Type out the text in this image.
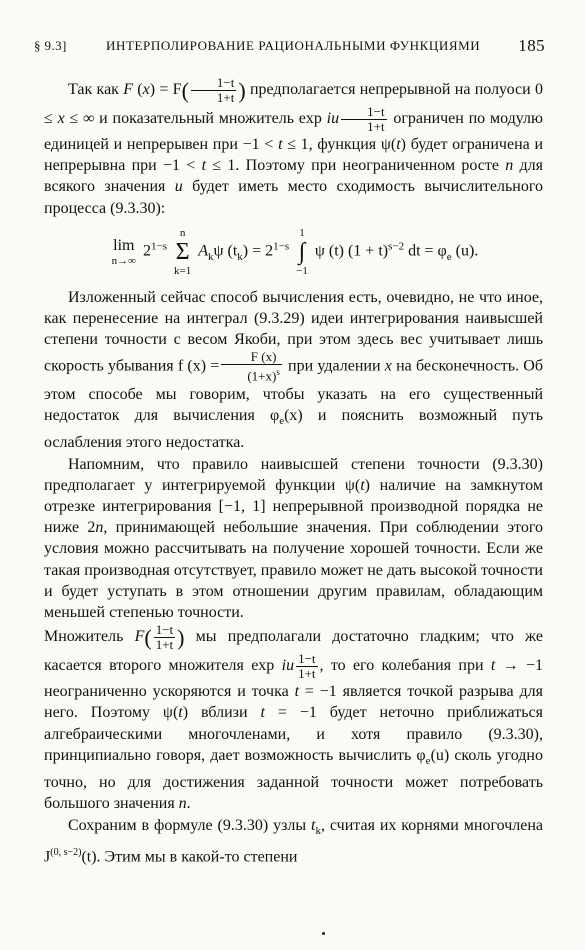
§ 9.3]	ИНТЕРПОЛИРОВАНИЕ РАЦИОНАЛЬНЫМИ ФУНКЦИЯМИ 185

Так как F $(x) = F( \frac{1-t}{1+t}$ ) предполагается непрерывной на полуоси 0 ≤ x ≤ ∞ и показательный множитель exp iu $\frac{1-t}{1+t}$ ограничен по модулю единицей и непрерывен при −1 < t ≤ 1, функция ψ(t) будет ограничена и непрерывна при −1 < t ≤ 1. Поэтому при неограниченном росте n для всякого значения u будет иметь место сходимость вычислительного процесса (9.3.30):

lim
n→∞
$2^{1-s}$
n
Σ
k=1
$A_k\psi$ $(t_k) = 2^{1-s}$
1
∫
−1
ψ (t) $(1 + t)^{s-2}$ dt = $\varphi_e$ (u).

Изложенный сейчас способ вычисления есть, очевидно, не что иное, как перенесение на интеграл (9.3.29) идеи интегрирования наивысшей степени точности с весом Якоби, при этом здесь вес учитывает лишь скорость убывания f $(x) = \frac{F (x)}{(1+x)^s}$ при удалении x на бесконечность. Об этом способе мы говорим, чтобы указать на его существенный недостаток для вычисления $\varphi_e(x)$ и пояснить возможный путь ослабления этого недостатка.

Напомним, что правило наивысшей степени точности (9.3.30) предполагает у интегрируемой функции ψ(t) наличие на замкнутом отрезке интегрирования [−1, 1] непрерывной производной порядка не ниже 2n, принимающей небольшие значения. При соблюдении этого условия можно рассчитывать на получение хорошей точности. Если же такая производная отсутствует, правило может не дать высокой точности и будет уступать в этом отношении другим правилам, обладающим меньшей степенью точности.

Множитель $F( \frac{1-t}{1+t}$ ) мы предполагали достаточно гладким; что же касается второго множителя exp iu $\frac{1-t}{1+t}$ , то его колебания при t → −1 неограниченно ускоряются и точка t = −1 является точкой разрыва для него. Поэтому ψ(t) вблизи t = −1 будет неточно приближаться алгебраическими многочленами, и хотя правило (9.3.30), принципиально говоря, дает возможность вычислить $\varphi_e(u)$ сколь угодно точно, но для достижения заданной точности может потребовать большого значения n.

Сохраним в формуле (9.3.30) узлы $t_k$, считая их корнями многочлена $J^{(0, s-2)}(t)$. Этим мы в какой-то степени
